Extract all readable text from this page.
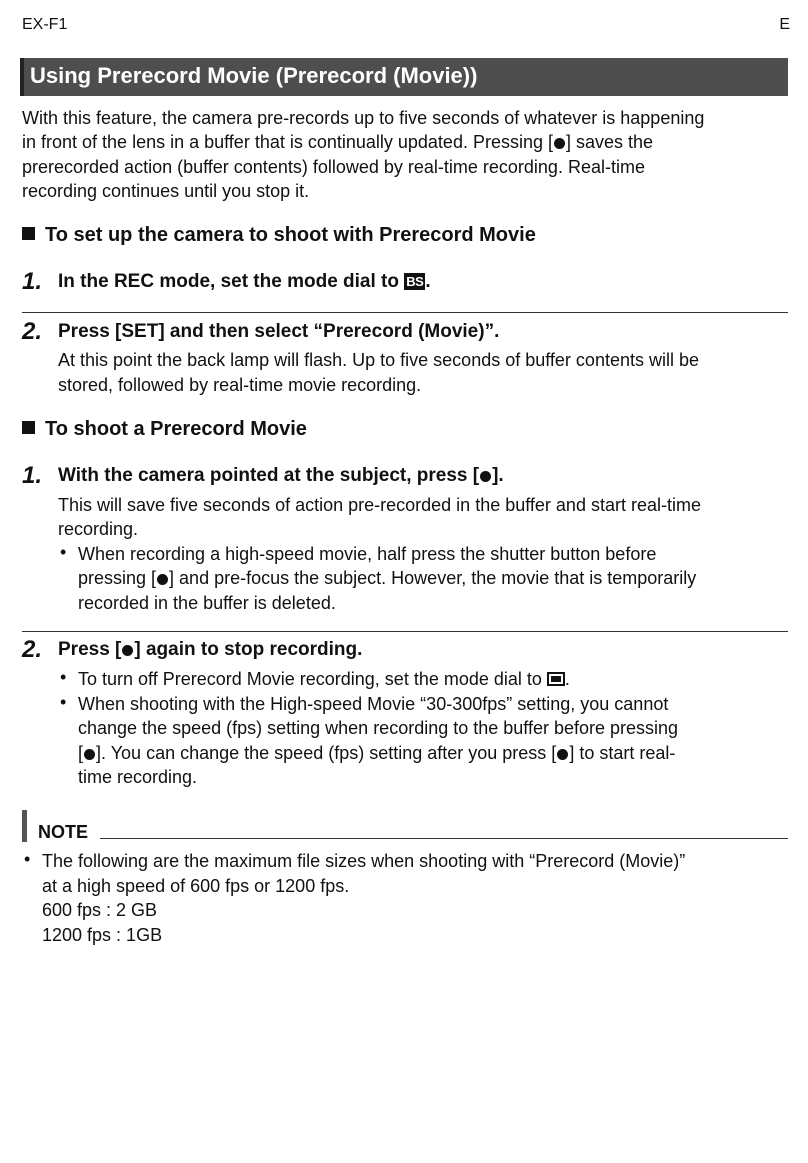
EX-F1	E
Using Prerecord Movie (Prerecord (Movie))
With this feature, the camera pre-records up to five seconds of whatever is happening
in front of the lens in a buffer that is continually updated. Pressing [ ] saves the
prerecorded action (buffer contents) followed by real-time recording. Real-time
recording continues until you stop it.
To set up the camera to shoot with Prerecord Movie
1. In the REC mode, set the mode dial to BS .
2. Press [SET] and then select “Prerecord (Movie)”.
At this point the back lamp will flash. Up to five seconds of buffer contents will be
stored, followed by real-time movie recording.
To shoot a Prerecord Movie
1. With the camera pointed at the subject, press [ ].
This will save five seconds of action pre-recorded in the buffer and start real-time
recording.
• When recording a high-speed movie, half press the shutter button before
pressing [ ] and pre-focus the subject. However, the movie that is temporarily
recorded in the buffer is deleted.
2. Press [ ] again to stop recording.
• To turn off Prerecord Movie recording, set the mode dial to .
• When shooting with the High-speed Movie “30-300fps” setting, you cannot
change the speed (fps) setting when recording to the buffer before pressing
[ ]. You can change the speed (fps) setting after you press [ ] to start real-
time recording.
NOTE
• The following are the maximum file sizes when shooting with “Prerecord (Movie)”
at a high speed of 600 fps or 1200 fps.
600 fps : 2 GB
1200 fps : 1GB
